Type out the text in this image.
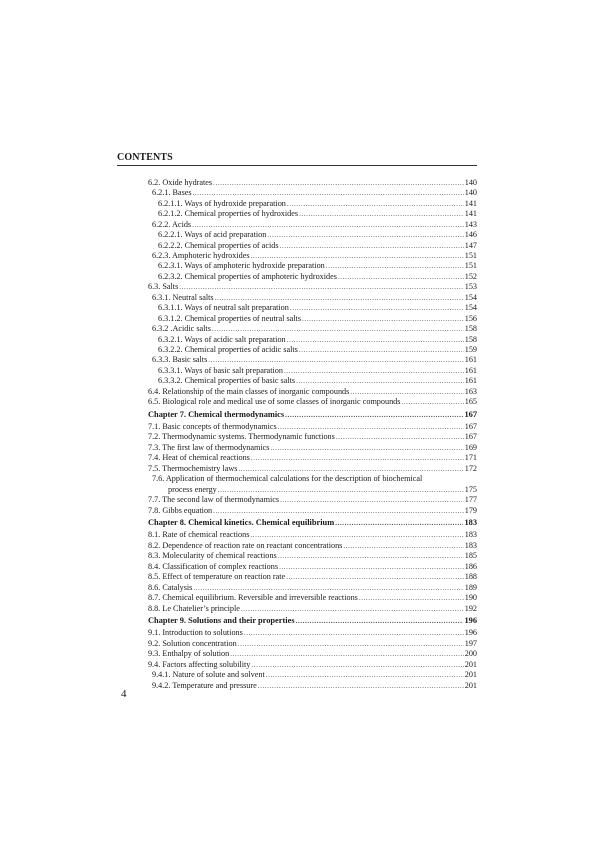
CONTENTS
6.2. Oxide hydrates .....	140
6.2.1. Bases .....	140
6.2.1.1. Ways of hydroxide preparation .....	141
6.2.1.2. Chemical properties of hydroxides .....	141
6.2.2. Acids .....	143
6.2.2.1. Ways of acid preparation .....	146
6.2.2.2. Chemical properties of acids .....	147
6.2.3. Amphoteric hydroxides .....	151
6.2.3.1. Ways of amphoteric hydroxide preparation .....	151
6.2.3.2. Chemical properties of amphoteric hydroxides .....	152
6.3. Salts .....	153
6.3.1. Neutral salts .....	154
6.3.1.1. Ways of neutral salt preparation .....	154
6.3.1.2. Chemical properties of neutral salts .....	156
6.3.2 .Acidic salts .....	158
6.3.2.1. Ways of acidic salt preparation .....	158
6.3.2.2. Chemical properties of acidic salts .....	159
6.3.3. Basic salts .....	161
6.3.3.1. Ways of basic salt preparation .....	161
6.3.3.2. Chemical properties of basic salts .....	161
6.4. Relationship of the main classes of inorganic compounds .....	163
6.5. Biological role and medical use of some classes of inorganic compounds .....	165
Chapter 7. Chemical thermodynamics .....	167
7.1. Basic concepts of thermodynamics .....	167
7.2. Thermodynamic systems. Thermodynamic functions .....	167
7.3. The first law of thermodynamics .....	169
7.4. Heat of chemical reactions .....	171
7.5. Thermochemistry laws .....	172
7.6. Application of thermochemical calculations for the description of biochemical
process energy .....	175
7.7. The second law of thermodynamics .....	177
7.8. Gibbs equation .....	179
Chapter 8. Chemical kinetics. Chemical equilibrium .....	183
8.1. Rate of chemical reactions .....	183
8.2. Dependence of reaction rate on reactant concentrations .....	183
8.3. Molecularity of chemical reactions .....	185
8.4. Classification of complex reactions .....	186
8.5. Effect of temperature on reaction rate .....	188
8.6. Catalysis .....	189
8.7. Chemical equilibrium. Reversible and irreversible reactions .....	190
8.8. Le Chatelier’s principle .....	192
Chapter 9. Solutions and their properties .....	196
9.1. Introduction to solutions .....	196
9.2. Solution concentration .....	197
9.3. Enthalpy of solution .....	200
9.4. Factors affecting solubility .....	201
9.4.1. Nature of solute and solvent .....	201
9.4.2. Temperature and pressure .....	201
4
